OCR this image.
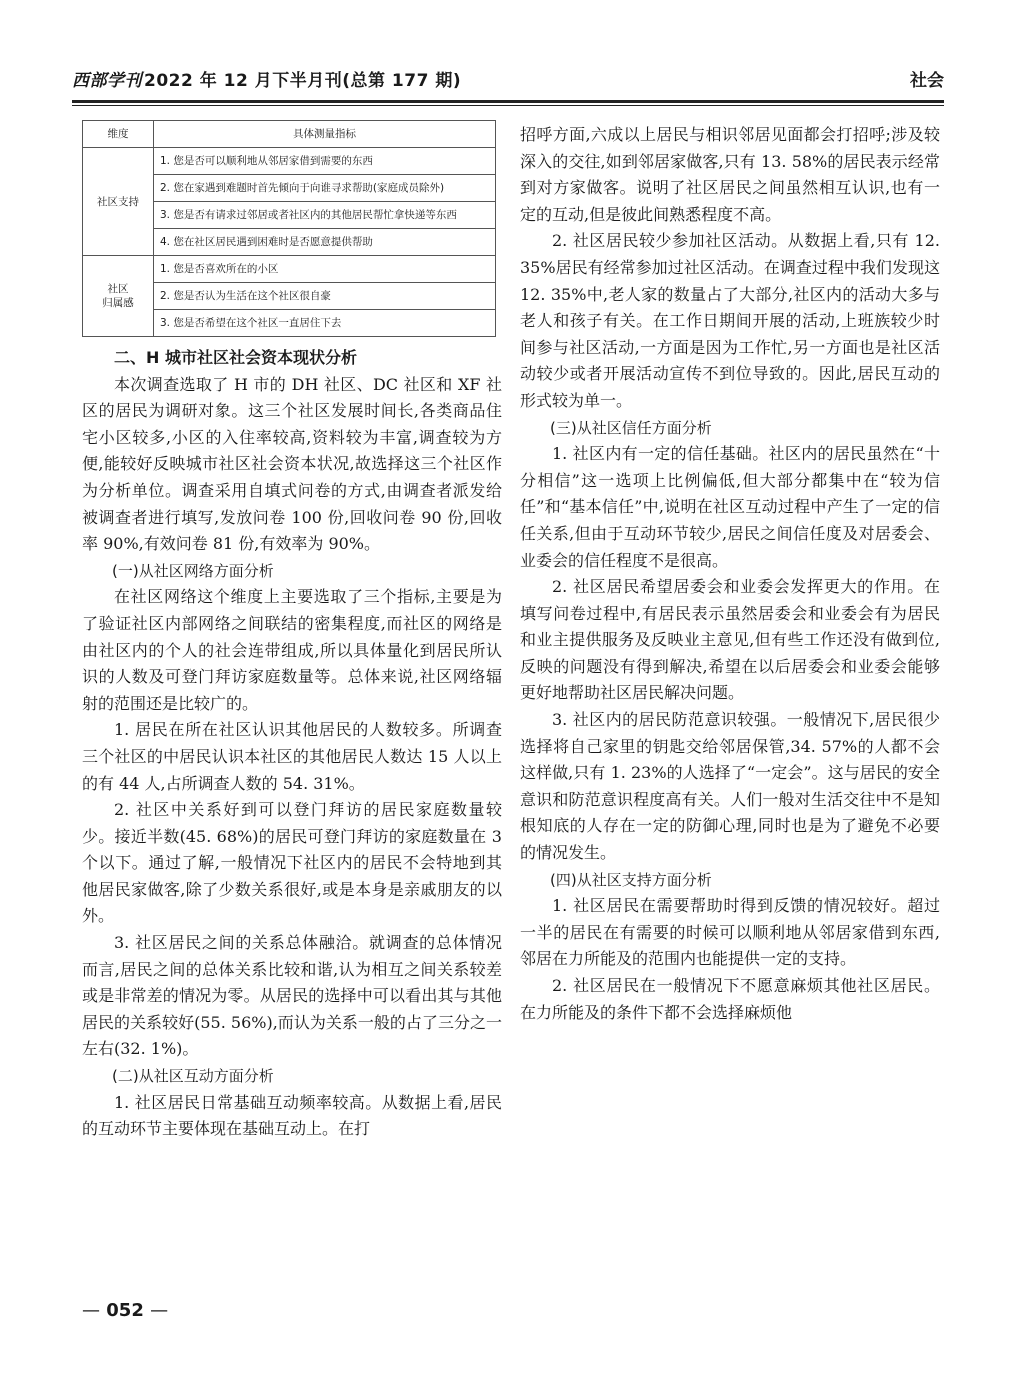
西部学刊 2022 年 12 月下半月刊(总第 177 期)	社会
维度	具体测量指标
社区支持	1. 您是否可以顺利地从邻居家借到需要的东西
	2. 您在家遇到难题时首先倾向于向谁寻求帮助(家庭成员除外)
	3. 您是否有请求过邻居或者社区内的其他居民帮忙拿快递等东西
	4. 您在社区居民遇到困难时是否愿意提供帮助
社区
归属感	1. 您是否喜欢所在的小区
	2. 您是否认为生活在这个社区很自豪
	3. 您是否希望在这个社区一直居住下去
二、H 城市社区社会资本现状分析

本次调查选取了 H 市的 DH 社区、DC 社区和 XF 社区的居民为调研对象。这三个社区发展时间长,各类商品住宅小区较多,小区的入住率较高,资料较为丰富,调查较为方便,能较好反映城市社区社会资本状况,故选择这三个社区作为分析单位。调查采用自填式问卷的方式,由调查者派发给被调查者进行填写,发放问卷 100 份,回收问卷 90 份,回收率 90%,有效问卷 81 份,有效率为 90%。

(一)从社区网络方面分析

在社区网络这个维度上主要选取了三个指标,主要是为了验证社区内部网络之间联结的密集程度,而社区的网络是由社区内的个人的社会连带组成,所以具体量化到居民所认识的人数及可登门拜访家庭数量等。总体来说,社区网络辐射的范围还是比较广的。

1. 居民在所在社区认识其他居民的人数较多。所调查三个社区的中居民认识本社区的其他居民人数达 15 人以上的有 44 人,占所调查人数的 54. 31%。

2. 社区中关系好到可以登门拜访的居民家庭数量较少。接近半数(45. 68%)的居民可登门拜访的家庭数量在 3 个以下。通过了解,一般情况下社区内的居民不会特地到其他居民家做客,除了少数关系很好,或是本身是亲戚朋友的以外。

3. 社区居民之间的关系总体融洽。就调查的总体情况而言,居民之间的总体关系比较和谐,认为相互之间关系较差或是非常差的情况为零。从居民的选择中可以看出其与其他居民的关系较好(55. 56%),而认为关系一般的占了三分之一左右(32. 1%)。

(二)从社区互动方面分析

1. 社区居民日常基础互动频率较高。从数据上看,居民的互动环节主要体现在基础互动上。在打

招呼方面,六成以上居民与相识邻居见面都会打招呼;涉及较深入的交往,如到邻居家做客,只有 13. 58%的居民表示经常到对方家做客。说明了社区居民之间虽然相互认识,也有一定的互动,但是彼此间熟悉程度不高。

2. 社区居民较少参加社区活动。从数据上看,只有 12. 35%居民有经常参加过社区活动。在调查过程中我们发现这 12. 35%中,老人家的数量占了大部分,社区内的活动大多与老人和孩子有关。在工作日期间开展的活动,上班族较少时间参与社区活动,一方面是因为工作忙,另一方面也是社区活动较少或者开展活动宣传不到位导致的。因此,居民互动的形式较为单一。

(三)从社区信任方面分析

1. 社区内有一定的信任基础。社区内的居民虽然在“十分相信”这一选项上比例偏低,但大部分都集中在“较为信任”和“基本信任”中,说明在社区互动过程中产生了一定的信任关系,但由于互动环节较少,居民之间信任度及对居委会、业委会的信任程度不是很高。

2. 社区居民希望居委会和业委会发挥更大的作用。在填写问卷过程中,有居民表示虽然居委会和业委会有为居民和业主提供服务及反映业主意见,但有些工作还没有做到位,反映的问题没有得到解决,希望在以后居委会和业委会能够更好地帮助社区居民解决问题。

3. 社区内的居民防范意识较强。一般情况下,居民很少选择将自己家里的钥匙交给邻居保管,34. 57%的人都不会这样做,只有 1. 23%的人选择了“一定会”。这与居民的安全意识和防范意识程度高有关。人们一般对生活交往中不是知根知底的人存在一定的防御心理,同时也是为了避免不必要的情况发生。

(四)从社区支持方面分析

1. 社区居民在需要帮助时得到反馈的情况较好。超过一半的居民在有需要的时候可以顺利地从邻居家借到东西,邻居在力所能及的范围内也能提供一定的支持。

2. 社区居民在一般情况下不愿意麻烦其他社区居民。在力所能及的条件下都不会选择麻烦他

— 052 —
